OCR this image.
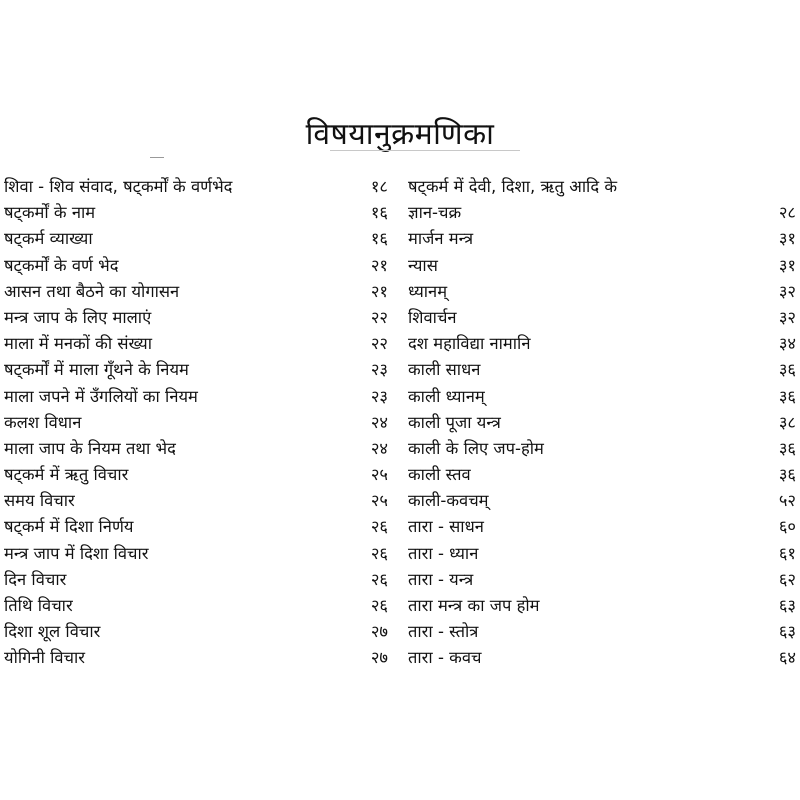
विषयानुक्रमणिका
शिवा - शिव संवाद, षट्कर्मों के वर्णभेद	१८
षट्कर्मों के नाम	१६
षट्कर्म व्याख्या	१६
षट्कर्मों के वर्ण भेद	२१
आसन तथा बैठने का योगासन	२१
मन्त्र जाप के लिए मालाएं	२२
माला में मनकों की संख्या	२२
षट्कर्मों में माला गूँथने के नियम	२३
माला जपने में उँगलियों का नियम	२३
कलश विधान	२४
माला जाप के नियम तथा भेद	२४
षट्कर्म में ऋतु विचार	२५
समय विचार	२५
षट्कर्म में दिशा निर्णय	२६
मन्त्र जाप में दिशा विचार	२६
दिन विचार	२६
तिथि विचार	२६
दिशा शूल विचार	२७
योगिनी विचार	२७
षट्कर्म में देवी, दिशा, ऋतु आदि के
ज्ञान-चक्र	२८
मार्जन मन्त्र	३१
न्यास	३१
ध्यानम्	३२
शिवार्चन	३२
दश महाविद्या नामानि	३४
काली साधन	३६
काली ध्यानम्	३६
काली पूजा यन्त्र	३८
काली के लिए जप-होम	३६
काली स्तव	३६
काली-कवचम्	५२
तारा - साधन	६०
तारा - ध्यान	६१
तारा - यन्त्र	६२
तारा मन्त्र का जप होम	६३
तारा - स्तोत्र	६३
तारा - कवच	६४
